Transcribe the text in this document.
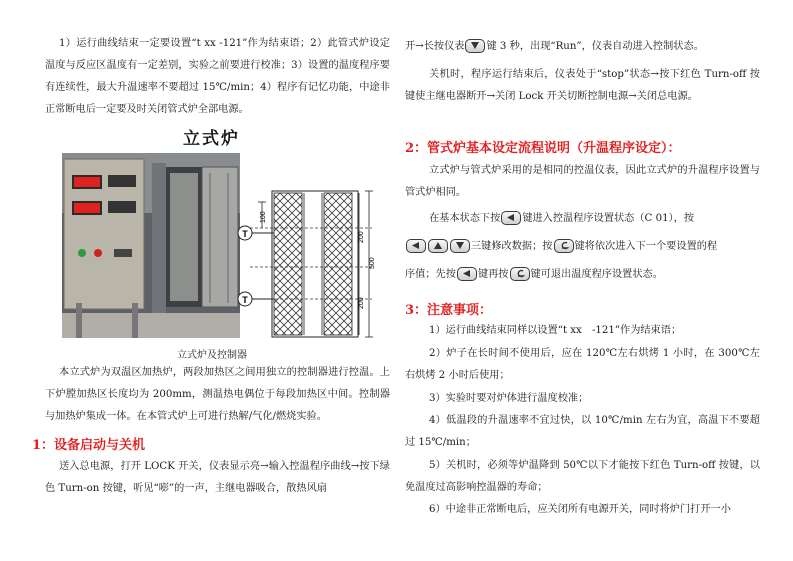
1）运行曲线结束一定要设置“t xx -121”作为结束语；2）此管式炉设定温度与反应区温度有一定差别，实验之前要进行校准；3）设置的温度程序要有连续性，最大升温速率不要超过 15℃/min；4）程序有记忆功能，中途非正常断电后一定要及时关闭管式炉全部电源。

立式炉
立式炉及控制器
T
T
100
200
200
500

本立式炉为双温区加热炉，两段加热区之间用独立的控制器进行控温。上下炉膛加热区长度均为 200mm，测温热电偶位于每段加热区中间。控制器与加热炉集成一体。在本管式炉上可进行热解/气化/燃烧实验。

1：设备启动与关机

送入总电源，打开 LOCK 开关，仪表显示亮→输入控温程序曲线→按下绿色 Turn-on 按键，听见“嘭”的一声，主继电器吸合，散热风扇

开→长按仪表 键 3 秒，出现“Run”，仪表自动进入控制状态。

关机时，程序运行结束后，仪表处于“stop”状态→按下红色 Turn-off 按键使主继电器断开→关闭 Lock 开关切断控制电源→关闭总电源。

2：管式炉基本设定流程说明（升温程序设定）：

立式炉与管式炉采用的是相同的控温仪表，因此立式炉的升温程序设置与管式炉相同。

在基本状态下按 键进入控温程序设置状态（C 01），按

三键修改数据；按 键将依次进入下一个要设置的程

序值；先按 键再按 键可退出温度程序设置状态。

3：注意事项：

1）运行曲线结束同样以设置“t xx　-121”作为结束语；

2）炉子在长时间不使用后，应在 120℃左右烘烤 1 小时，在 300℃左右烘烤 2 小时后使用；

3）实验时要对炉体进行温度校准；

4）低温段的升温速率不宜过快，以 10℃/min 左右为宜，高温下不要超过 15℃/min；

5）关机时，必须等炉温降到 50℃以下才能按下红色 Turn-off 按键，以免温度过高影响控温器的寿命；

6）中途非正常断电后，应关闭所有电源开关，同时将炉门打开一小
